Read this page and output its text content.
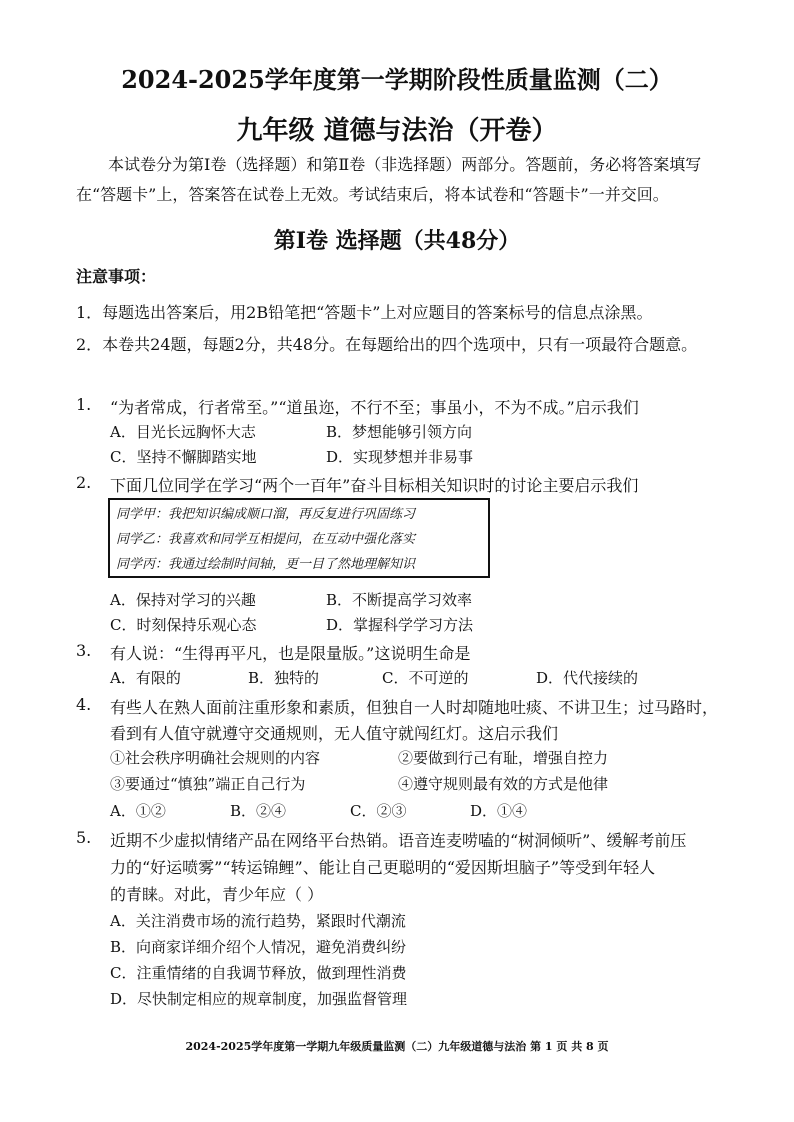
2024-2025学年度第一学期阶段性质量监测（二）
九年级 道德与法治（开卷）
本试卷分为第Ⅰ卷（选择题）和第Ⅱ卷（非选择题）两部分。答题前，务必将答案填写在“答题卡”上，答案答在试卷上无效。考试结束后，将本试卷和“答题卡”一并交回。
第Ⅰ卷 选择题（共48分）
注意事项：
1．每题选出答案后，用2B铅笔把“答题卡”上对应题目的答案标号的信息点涂黑。
2．本卷共24题，每题2分，共48分。在每题给出的四个选项中，只有一项最符合题意。
1. “为者常成，行者常至。”“道虽迩，不行不至；事虽小，不为不成。”启示我们
A．目光长远胸怀大志	B．梦想能够引领方向
C．坚持不懈脚踏实地	D．实现梦想并非易事
2. 下面几位同学在学习“两个一百年”奋斗目标相关知识时的讨论主要启示我们
同学甲：我把知识编成顺口溜，再反复进行巩固练习
同学乙：我喜欢和同学互相提问，在互动中强化落实
同学丙：我通过绘制时间轴，更一目了然地理解知识
A．保持对学习的兴趣	B．不断提高学习效率
C．时刻保持乐观心态	D．掌握科学学习方法
3. 有人说：“生得再平凡，也是限量版。”这说明生命是
A．有限的	B．独特的	C．不可逆的	D．代代接续的
4. 有些人在熟人面前注重形象和素质，但独自一人时却随地吐痰、不讲卫生；过马路时，
看到有人值守就遵守交通规则，无人值守就闯红灯。这启示我们
①社会秩序明确社会规则的内容	②要做到行己有耻，增强自控力
③要通过“慎独”端正自己行为	④遵守规则最有效的方式是他律
A．①②	B．②④	C．②③	D．①④
5. 近期不少虚拟情绪产品在网络平台热销。语音连麦唠嗑的“树洞倾听”、缓解考前压
力的“好运喷雾”“转运锦鲤”、能让自己更聪明的“爱因斯坦脑子”等受到年轻人
的青睐。对此，青少年应（ ）
A．关注消费市场的流行趋势，紧跟时代潮流
B．向商家详细介绍个人情况，避免消费纠纷
C．注重情绪的自我调节释放，做到理性消费
D．尽快制定相应的规章制度，加强监督管理
2024-2025学年度第一学期九年级质量监测（二）九年级道德与法治 第 1 页 共 8 页
